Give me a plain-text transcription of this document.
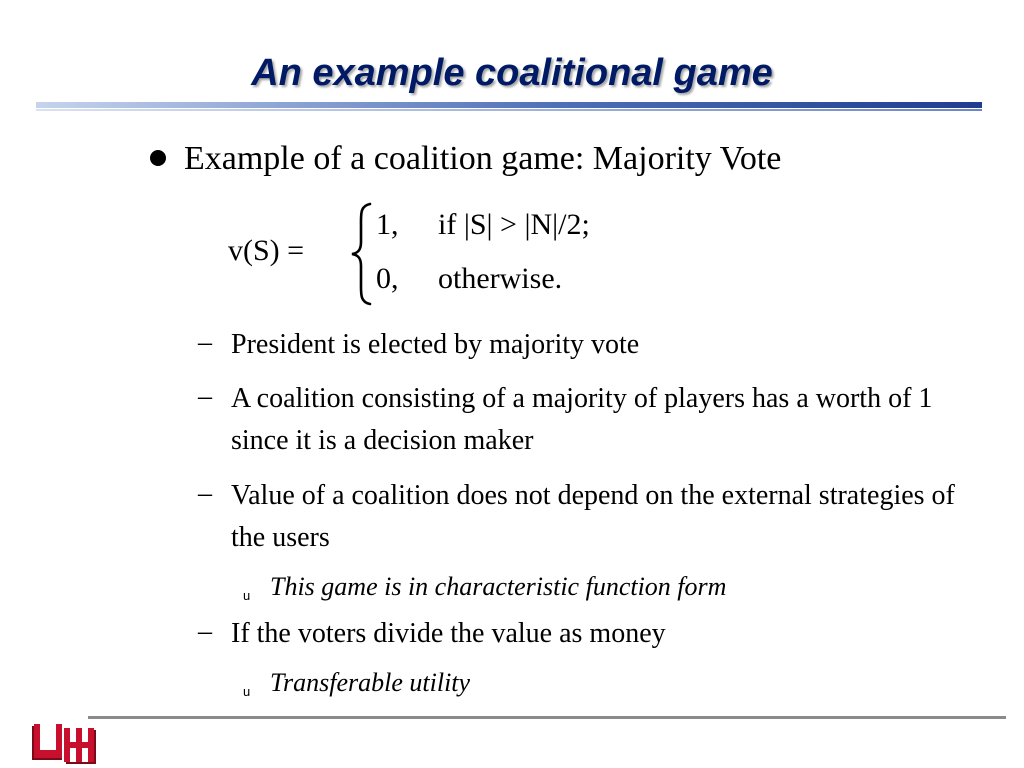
An example coalitional game
Example of a coalition game: Majority Vote
v(S) =
1, if |S| > |N|/2;
0, otherwise.
– President is elected by majority vote
– A coalition consisting of a majority of players has a worth of 1 since it is a decision maker
– Value of a coalition does not depend on the external strategies of the users
u This game is in characteristic function form
– If the voters divide the value as money
u Transferable utility
